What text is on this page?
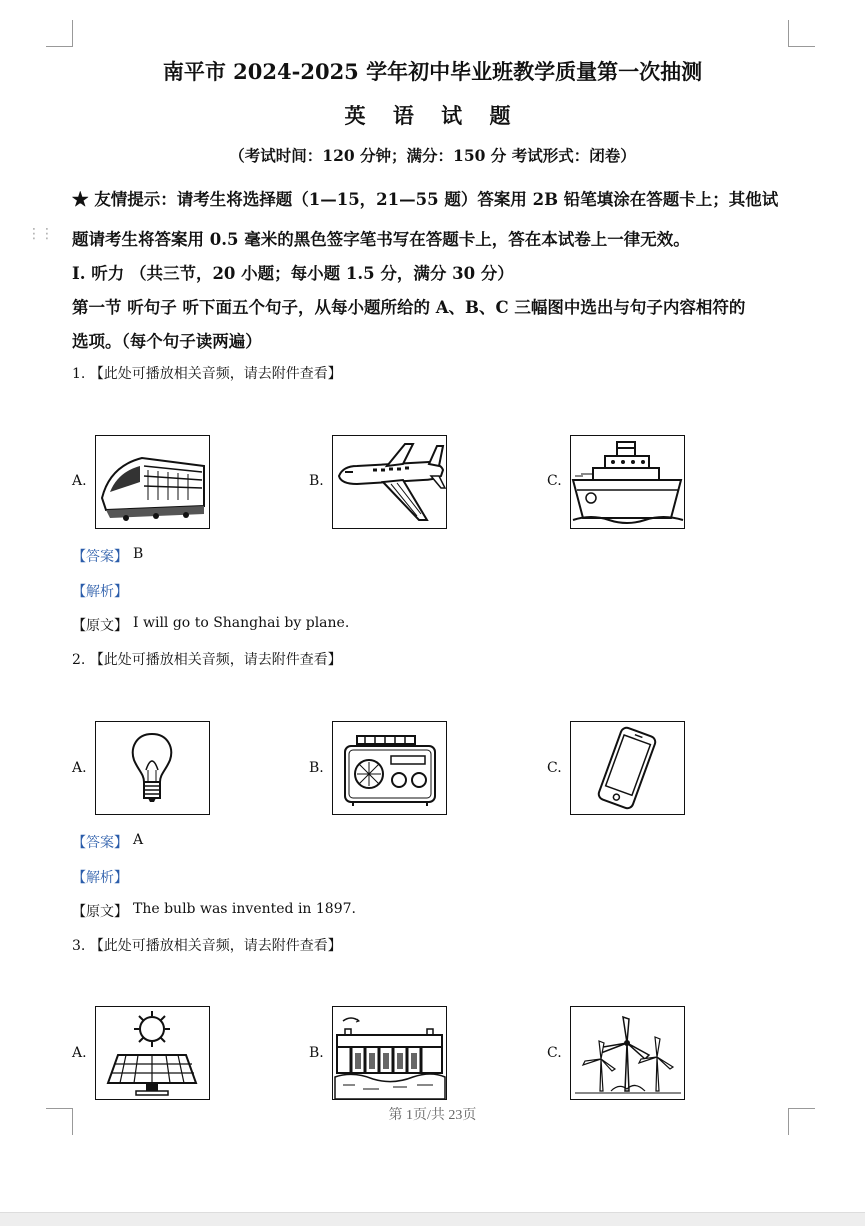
⋮⋮
南平市 2024-2025 学年初中毕业班教学质量第一次抽测
英 语 试 题
（考试时间：120 分钟；满分：150 分 考试形式：闭卷）
★ 友情提示：请考生将选择题（1—15，21—55 题）答案用 2B 铅笔填涂在答题卡上；其他试
题请考生将答案用 0.5 毫米的黑色签字笔书写在答题卡上，答在本试卷上一律无效。
I. 听力 （共三节，20 小题；每小题 1.5 分，满分 30 分）
第一节 听句子 听下面五个句子，从每小题所给的 A、B、C 三幅图中选出与句子内容相符的
选项。（每个句子读两遍）
1. 【此处可播放相关音频，请去附件查看】
A.	B.	C.
【答案】 B
【解析】
【原文】 I will go to Shanghai by plane.
2. 【此处可播放相关音频，请去附件查看】
A.	B.	C.
【答案】 A
【解析】
【原文】 The bulb was invented in 1897.
3. 【此处可播放相关音频，请去附件查看】
A.	B.	C.
第 1页/共 23页
